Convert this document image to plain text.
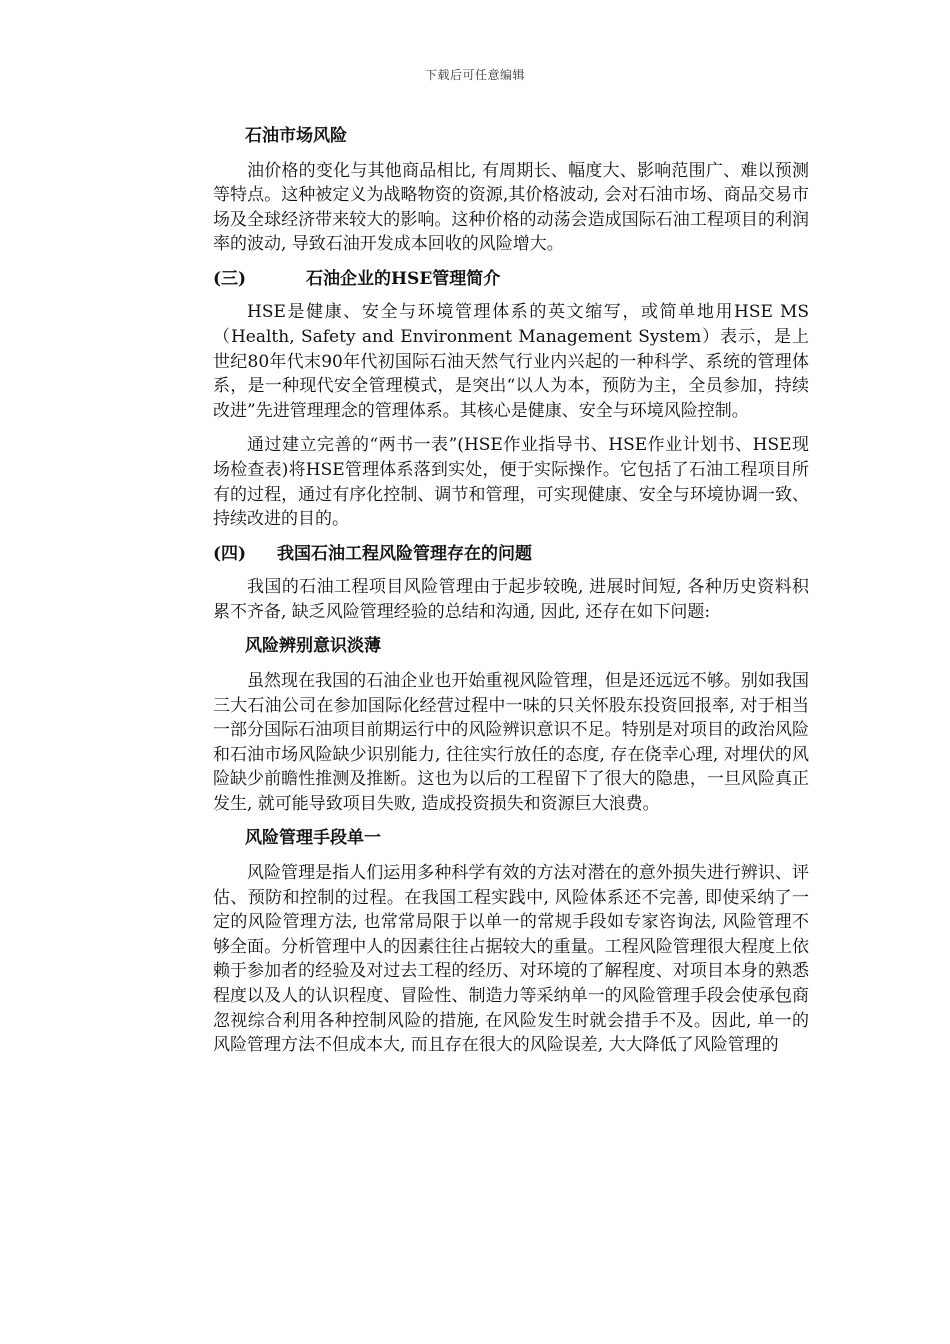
下载后可任意编辑
石油市场风险

油价格的变化与其他商品相比, 有周期长、幅度大、影响范围广、难以预测等特点。这种被定义为战略物资的资源,其价格波动, 会对石油市场、商品交易市场及全球经济带来较大的影响。这种价格的动荡会造成国际石油工程项目的利润率的波动, 导致石油开发成本回收的风险增大。

(三)	石油企业的HSE管理简介

HSE是健康、安全与环境管理体系的英文缩写，或简单地用HSE MS（Health, Safety and Environment Management System）表示，是上世纪80年代末90年代初国际石油天然气行业内兴起的一种科学、系统的管理体系，是一种现代安全管理模式，是突出“以人为本，预防为主，全员参加，持续改进”先进管理理念的管理体系。其核心是健康、安全与环境风险控制。

通过建立完善的“两书一表”(HSE作业指导书、HSE作业计划书、HSE现场检查表)将HSE管理体系落到实处，便于实际操作。它包括了石油工程项目所有的过程，通过有序化控制、调节和管理，可实现健康、安全与环境协调一致、持续改进的目的。

(四) 我国石油工程风险管理存在的问题

我国的石油工程项目风险管理由于起步较晚, 进展时间短, 各种历史资料积累不齐备, 缺乏风险管理经验的总结和沟通, 因此, 还存在如下问题:

风险辨别意识淡薄

虽然现在我国的石油企业也开始重视风险管理，但是还远远不够。别如我国三大石油公司在参加国际化经营过程中一味的只关怀股东投资回报率, 对于相当一部分国际石油项目前期运行中的风险辨识意识不足。特别是对项目的政治风险和石油市场风险缺少识别能力, 往往实行放任的态度, 存在侥幸心理, 对埋伏的风险缺少前瞻性推测及推断。这也为以后的工程留下了很大的隐患，一旦风险真正发生, 就可能导致项目失败, 造成投资损失和资源巨大浪费。

风险管理手段单一

风险管理是指人们运用多种科学有效的方法对潜在的意外损失进行辨识、评估、预防和控制的过程。在我国工程实践中, 风险体系还不完善, 即使采纳了一定的风险管理方法, 也常常局限于以单一的常规手段如专家咨询法, 风险管理不够全面。分析管理中人的因素往往占据较大的重量。工程风险管理很大程度上依赖于参加者的经验及对过去工程的经历、对环境的了解程度、对项目本身的熟悉程度以及人的认识程度、冒险性、制造力等采纳单一的风险管理手段会使承包商忽视综合利用各种控制风险的措施, 在风险发生时就会措手不及。因此, 单一的风险管理方法不但成本大, 而且存在很大的风险误差, 大大降低了风险管理的
